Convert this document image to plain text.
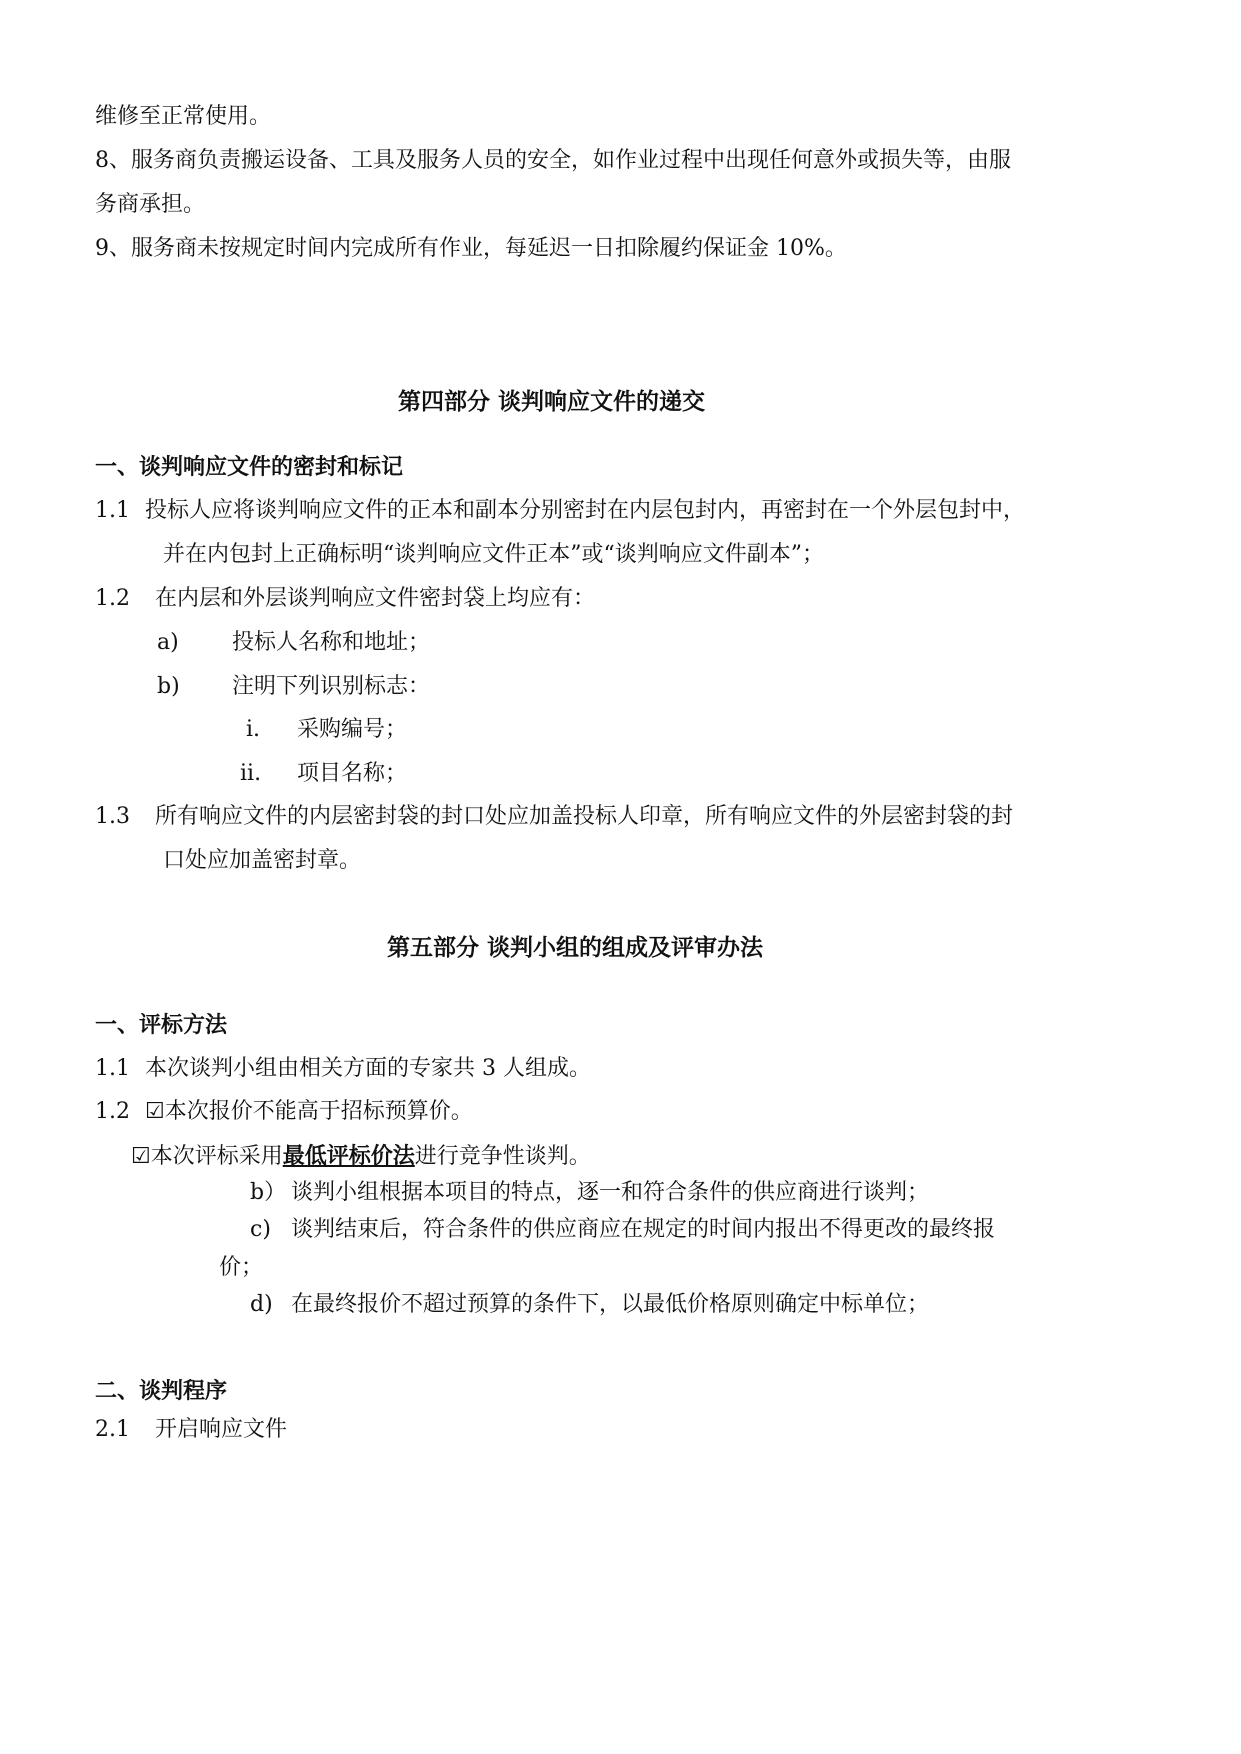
维修至正常使用。
8、服务商负责搬运设备、工具及服务人员的安全，如作业过程中出现任何意外或损失等，由服
务商承担。
9、服务商未按规定时间内完成所有作业，每延迟一日扣除履约保证金 10%。
第四部分 谈判响应文件的递交
一、谈判响应文件的密封和标记
1.1 投标人应将谈判响应文件的正本和副本分别密封在内层包封内，再密封在一个外层包封中，
并在内包封上正确标明“谈判响应文件正本”或“谈判响应文件副本”；
1.2 在内层和外层谈判响应文件密封袋上均应有：
a) 投标人名称和地址；
b) 注明下列识别标志：
i. 采购编号；
ii. 项目名称；
1.3 所有响应文件的内层密封袋的封口处应加盖投标人印章，所有响应文件的外层密封袋的封
口处应加盖密封章。
第五部分 谈判小组的组成及评审办法
一、评标方法
1.1 本次谈判小组由相关方面的专家共 3 人组成。
1.2 ☑本次报价不能高于招标预算价。
☑本次评标采用最低评标价法进行竞争性谈判。
b） 谈判小组根据本项目的特点，逐一和符合条件的供应商进行谈判；
c) 谈判结束后，符合条件的供应商应在规定的时间内报出不得更改的最终报
价；
d) 在最终报价不超过预算的条件下，以最低价格原则确定中标单位；
二、谈判程序
2.1 开启响应文件
